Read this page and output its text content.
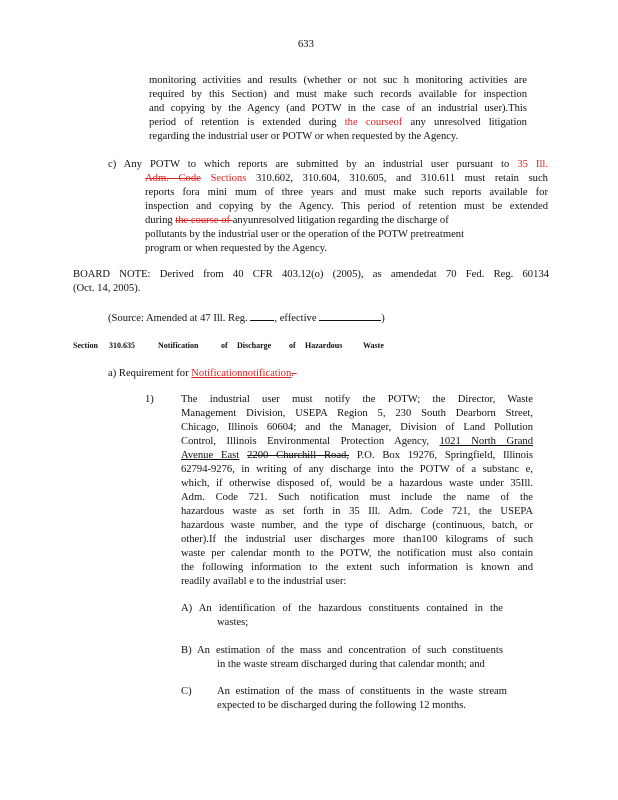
633

monitoring activities and results (whether or not suc h monitoring activities are

required by this Section) and must make such records available for inspection

and copying by the Agency (and POTW in the case of an industrial user).This

period of retention is extended during the courseof any unresolved litigation

regarding the industrial user or POTW or when requested by the Agency.

c) Any POTW to which reports are submitted by an industrial user pursuant to 35 Ill.

Adm. Code Sections 310.602, 310.604, 310.605, and 310.611 must retain such

reports fora mini mum of three years and must make such reports available for

inspection and copying by the Agency. This period of retention must be extended

during the course of anyunresolved litigation regarding the discharge of

pollutants by the industrial user or the operation of the POTW pretreatment

program or when requested by the Agency.

BOARD NOTE: Derived from 40 CFR 403.12(o) (2005), as amendedat 70 Fed. Reg. 60134

(Oct. 14, 2005).

(Source: Amended at 47 Ill. Reg.	, effective	)
Section 310.635	Notification	of Discharge of Hazardous	Waste
a) Requirement for Notificationnotification.
1)	The industrial user must notify the POTW; the Director, Waste

Management Division, USEPA Region 5, 230 South Dearborn Street,

Chicago, Illinois 60604; and the Manager, Division of Land Pollution

Control, Illinois Environmental Protection Agency, 1021 North Grand

Avenue East 2200 Churchill Road, P.O. Box 19276, Springfield, Illinois

62794-9276, in writing of any discharge into the POTW of a substanc e,

which, if otherwise disposed of, would be a hazardous waste under 35Ill.

Adm. Code 721. Such notification must include the name of the

hazardous waste as set forth in 35 Ill. Adm. Code 721, the USEPA

hazardous waste number, and the type of discharge (continuous, batch, or

other).If the industrial user discharges more than100 kilograms of such

waste per calendar month to the POTW, the notification must also contain

the following information to the extent such information is known and

readily availabl e to the industrial user:

A) An identification of the hazardous constituents contained in the

wastes;

B) An estimation of the mass and concentration of such constituents

in the waste stream discharged during that calendar month; and

C) An estimation of the mass of constituents in the waste stream

expected to be discharged during the following 12 months.
